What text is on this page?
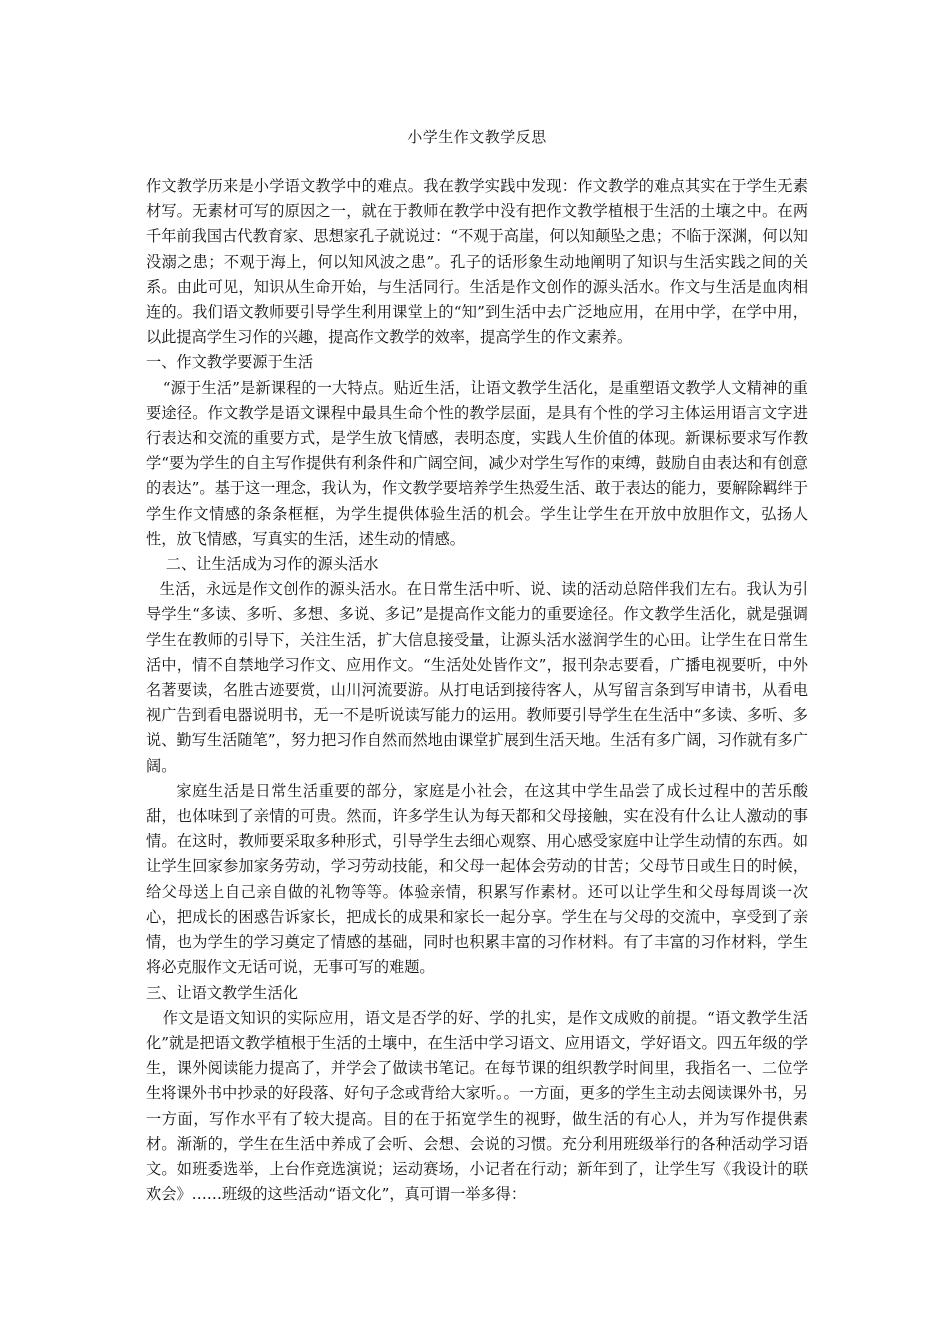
小学生作文教学反思

作文教学历来是小学语文教学中的难点。我在教学实践中发现：作文教学的难点其实在于学生无素材写。无素材可写的原因之一，就在于教师在教学中没有把作文教学植根于生活的土壤之中。在两千年前我国古代教育家、思想家孔子就说过：“不观于高崖，何以知颠坠之患；不临于深渊，何以知没溺之患；不观于海上，何以知风波之患”。孔子的话形象生动地阐明了知识与生活实践之间的关系。由此可见，知识从生命开始，与生活同行。生活是作文创作的源头活水。作文与生活是血肉相连的。我们语文教师要引导学生利用课堂上的“知”到生活中去广泛地应用，在用中学，在学中用，以此提高学生习作的兴趣，提高作文教学的效率，提高学生的作文素养。

一、作文教学要源于生活

“源于生活”是新课程的一大特点。贴近生活，让语文教学生活化，是重塑语文教学人文精神的重要途径。作文教学是语文课程中最具生命个性的教学层面，是具有个性的学习主体运用语言文字进行表达和交流的重要方式，是学生放飞情感，表明态度，实践人生价值的体现。新课标要求写作教学“要为学生的自主写作提供有利条件和广阔空间，减少对学生写作的束缚，鼓励自由表达和有创意的表达”。基于这一理念，我认为，作文教学要培养学生热爱生活、敢于表达的能力，要解除羁绊于学生作文情感的条条框框，为学生提供体验生活的机会。学生让学生在开放中放胆作文，弘扬人性，放飞情感，写真实的生活，述生动的情感。

二、让生活成为习作的源头活水

生活，永远是作文创作的源头活水。在日常生活中听、说、读的活动总陪伴我们左右。我认为引导学生“多读、多听、多想、多说、多记”是提高作文能力的重要途径。作文教学生活化，就是强调学生在教师的引导下，关注生活，扩大信息接受量，让源头活水滋润学生的心田。让学生在日常生活中，情不自禁地学习作文、应用作文。“生活处处皆作文”，报刊杂志要看，广播电视要听，中外名著要读，名胜古迹要赏，山川河流要游。从打电话到接待客人，从写留言条到写申请书，从看电视广告到看电器说明书，无一不是听说读写能力的运用。教师要引导学生在生活中“多读、多听、多说、勤写生活随笔”，努力把习作自然而然地由课堂扩展到生活天地。生活有多广阔，习作就有多广阔。

家庭生活是日常生活重要的部分，家庭是小社会，在这其中学生品尝了成长过程中的苦乐酸甜，也体味到了亲情的可贵。然而，许多学生认为每天都和父母接触，实在没有什么让人激动的事情。在这时，教师要采取多种形式，引导学生去细心观察、用心感受家庭中让学生动情的东西。如让学生回家参加家务劳动，学习劳动技能，和父母一起体会劳动的甘苦；父母节日或生日的时候，给父母送上自己亲自做的礼物等等。体验亲情，积累写作素材。还可以让学生和父母每周谈一次心，把成长的困惑告诉家长，把成长的成果和家长一起分享。学生在与父母的交流中，享受到了亲情，也为学生的学习奠定了情感的基础，同时也积累丰富的习作材料。有了丰富的习作材料，学生将必克服作文无话可说，无事可写的难题。

三、让语文教学生活化

作文是语文知识的实际应用，语文是否学的好、学的扎实，是作文成败的前提。“语文教学生活化”就是把语文教学植根于生活的土壤中，在生活中学习语文、应用语文，学好语文。四五年级的学生，课外阅读能力提高了，并学会了做读书笔记。在每节课的组织教学时间里，我指名一、二位学生将课外书中抄录的好段落、好句子念或背给大家听。。一方面，更多的学生主动去阅读课外书，另一方面，写作水平有了较大提高。目的在于拓宽学生的视野，做生活的有心人，并为写作提供素材。渐渐的，学生在生活中养成了会听、会想、会说的习惯。充分利用班级举行的各种活动学习语文。如班委选举，上台作竞选演说；运动赛场，小记者在行动；新年到了，让学生写《我设计的联欢会》……班级的这些活动“语文化”，真可谓一举多得：
